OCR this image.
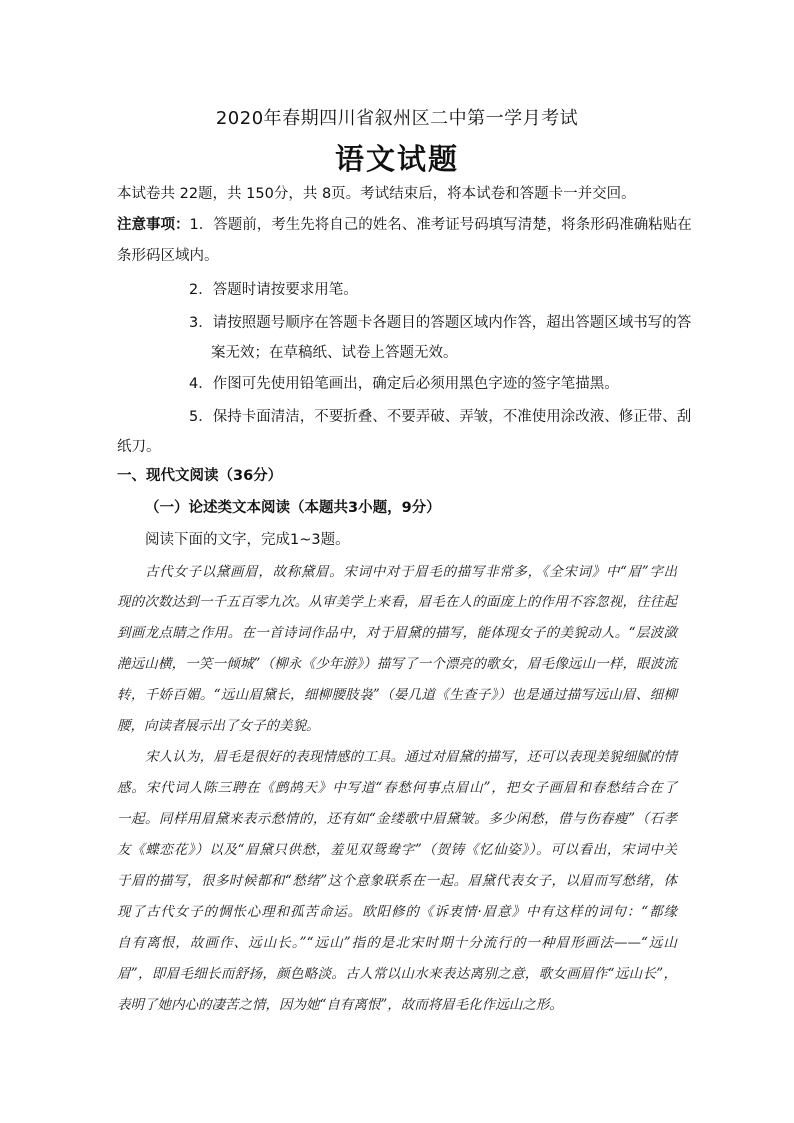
2020年春期四川省叙州区二中第一学月考试
语文试题
本试卷共 22题，共 150分，共 8页。考试结束后，将本试卷和答题卡一并交回。
注意事项：1．答题前，考生先将自己的姓名、准考证号码填写清楚，将条形码准确粘贴在
条形码区域内。
2．答题时请按要求用笔。
3．请按照题号顺序在答题卡各题目的答题区域内作答，超出答题区域书写的答
案无效；在草稿纸、试卷上答题无效。
4．作图可先使用铅笔画出，确定后必须用黑色字迹的签字笔描黑。
5．保持卡面清洁，不要折叠、不要弄破、弄皱，不准使用涂改液、修正带、刮
纸刀。
一、现代文阅读（36分）
（一）论述类文本阅读（本题共3小题，9分）
阅读下面的文字，完成1~3题。
古代女子以黛画眉，故称黛眉。宋词中对于眉毛的描写非常多，《全宋词》中“眉”字出
现的次数达到一千五百零九次。从审美学上来看，眉毛在人的面庞上的作用不容忽视，往往起
到画龙点睛之作用。在一首诗词作品中，对于眉黛的描写，能体现女子的美貌动人。“层波潋
滟远山横，一笑一倾城”（柳永《少年游》）描写了一个漂亮的歌女，眉毛像远山一样，眼波流
转，千娇百媚。“远山眉黛长，细柳腰肢袅”（晏几道《生查子》）也是通过描写远山眉、细柳
腰，向读者展示出了女子的美貌。
宋人认为，眉毛是很好的表现情感的工具。通过对眉黛的描写，还可以表现美貌细腻的情
感。宋代词人陈三聘在《鹧鸪天》中写道“春愁何事点眉山”，把女子画眉和春愁结合在了
一起。同样用眉黛来表示愁情的，还有如“金缕歌中眉黛皱。多少闲愁，借与伤春瘦”（石孝
友《蝶恋花》）以及“眉黛只供愁，羞见双鸳鸯字”（贺铸《忆仙姿》）。可以看出，宋词中关
于眉的描写，很多时候都和“愁绪”这个意象联系在一起。眉黛代表女子，以眉而写愁绪，体
现了古代女子的惆怅心理和孤苦命运。欧阳修的《诉衷情·眉意》中有这样的词句：“都缘
自有离恨，故画作、远山长。”“远山”指的是北宋时期十分流行的一种眉形画法——“远山
眉”，即眉毛细长而舒扬，颜色略淡。古人常以山水来表达离别之意，歌女画眉作“远山长”，
表明了她内心的凄苦之情，因为她“自有离恨”，故而将眉毛化作远山之形。
